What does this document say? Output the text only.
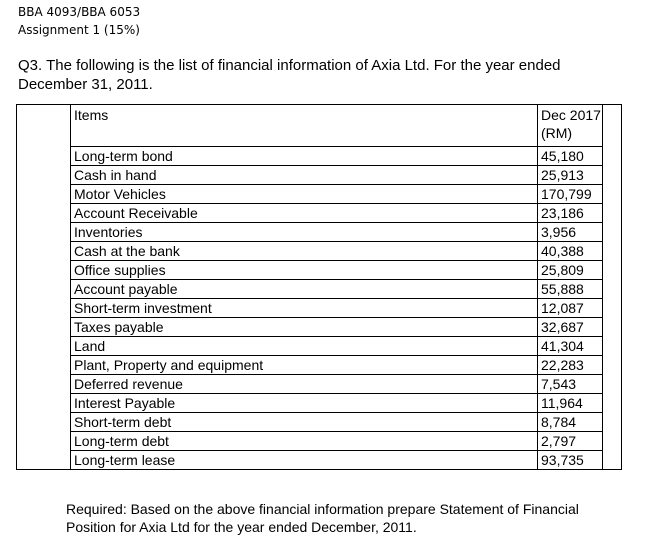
BBA 4093/BBA 6053
Assignment 1 (15%)
Q3. The following is the list of financial information of Axia Ltd. For the year ended
December 31, 2011.
	Items	Dec 2017
(RM)	

	Long-term bond	45,180	
	Cash in hand	25,913	
	Motor Vehicles	170,799	
	Account Receivable	23,186	
	Inventories	3,956	
	Cash at the bank	40,388	
	Office supplies	25,809	
	Account payable	55,888	
	Short-term investment	12,087	
	Taxes payable	32,687	
	Land	41,304	
	Plant, Property and equipment	22,283	
	Deferred revenue	7,543	
	Interest Payable	11,964	
	Short-term debt	8,784	
	Long-term debt	2,797	
	Long-term lease	93,735	
Required: Based on the above financial information prepare Statement of Financial
Position for Axia Ltd for the year ended December, 2011.
